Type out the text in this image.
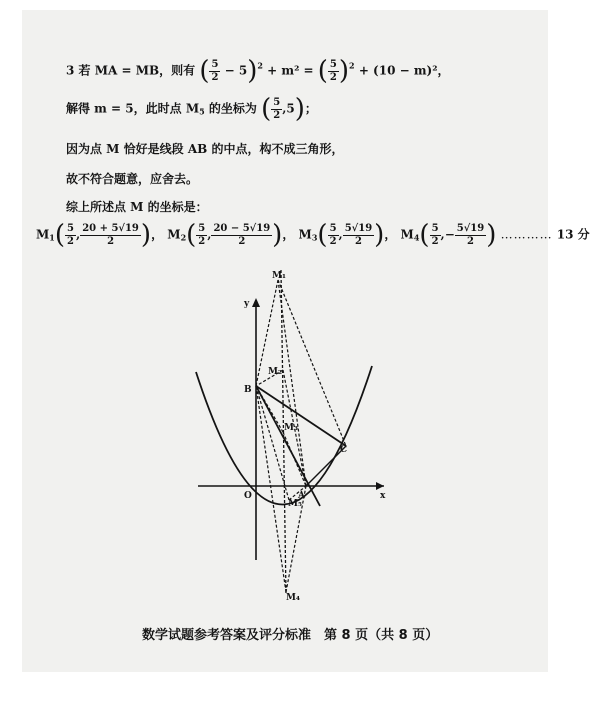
3 若 MA = MB，则有 ( $\frac{5}{2} - 5)^2 + m^2$ = ( $\frac{5}{2} )^2 + (10 - m)^2$，
解得 m = 5，此时点 $M_5$ 的坐标为 ( $\frac{5}{2} ,5$)；
因为点 M 恰好是线段 AB 的中点，构不成三角形，
故不符合题意，应舍去。
综上所述点 M 的坐标是：
$M_1( \frac{5}{2}$ , $\frac{20 + 5√19}{2}$ )， $M_2( \frac{5}{2}$ , $\frac{20 - 5√19}{2}$ )， $M_3( \frac{5}{2}$ , $\frac{5√19}{2}$ )， $M_4( \frac{5}{2}$ ,− $\frac{5√19}{2}$ ) ………… 13 分
y
x
O
B
C
A
M₁
M₂
M₃
M₅
M₄
数学试题参考答案及评分标准　第 8 页（共 8 页）
